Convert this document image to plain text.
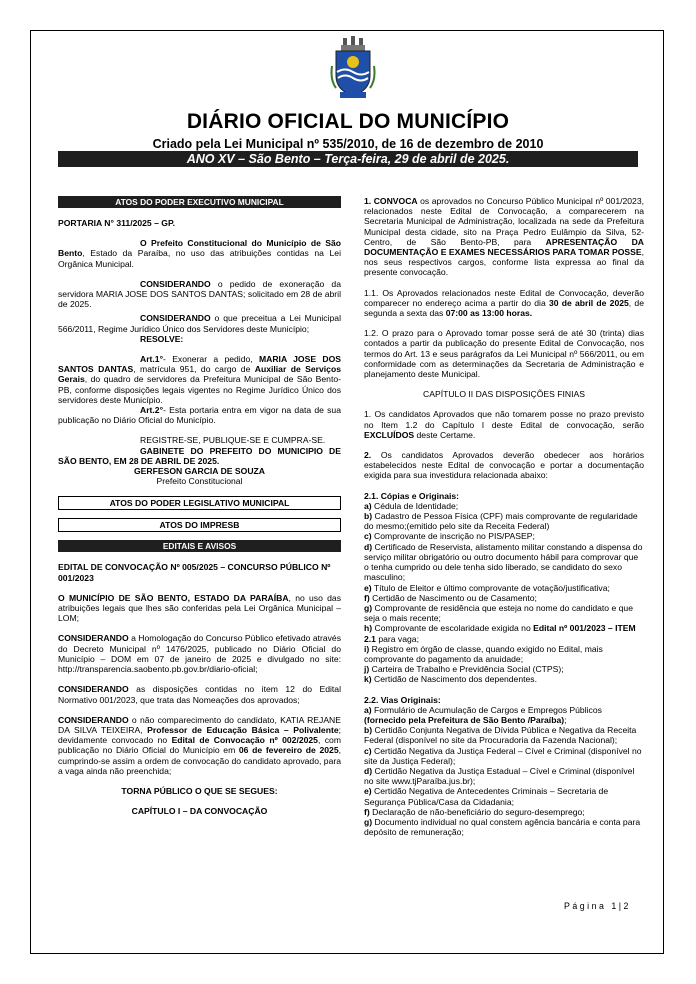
DIÁRIO OFICIAL DO MUNICÍPIO
Criado pela Lei Municipal nº 535/2010, de 16 de dezembro de 2010
ANO XV – São Bento – Terça-feira, 29 de abril de 2025.
ATOS DO PODER EXECUTIVO MUNICIPAL

PORTARIA N° 311/2025 – GP.

O Prefeito Constitucional do Município de São Bento, Estado da Paraíba, no uso das atribuições contidas na Lei Orgânica Municipal.

CONSIDERANDO o pedido de exoneração da servidora MARIA JOSE DOS SANTOS DANTAS; solicitado em 28 de abril de 2025.

CONSIDERANDO o que preceitua a Lei Municipal 566/2011, Regime Jurídico Único dos Servidores deste Município;

RESOLVE:

Art.1°- Exonerar a pedido, MARIA JOSE DOS SANTOS DANTAS, matrícula 951, do cargo de Auxiliar de Serviços Gerais, do quadro de servidores da Prefeitura Municipal de São Bento-PB, conforme disposições legais vigentes no Regime Jurídico Único dos servidores deste Município.

Art.2°- Esta portaria entra em vigor na data de sua publicação no Diário Oficial do Município.

REGISTRE-SE, PUBLIQUE-SE E CUMPRA-SE.

GABINETE DO PREFEITO DO MUNICIPIO DE SÃO BENTO, EM 28 DE ABRIL DE 2025.

GERFESON GARCIA DE SOUZA

Prefeito Constitucional

ATOS DO PODER LEGISLATIVO MUNICIPAL
ATOS DO IMPRESB
EDITAIS E AVISOS

EDITAL DE CONVOCAÇÃO Nº 005/2025 – CONCURSO PÚBLICO Nº 001/2023

O MUNICÍPIO DE SÃO BENTO, ESTADO DA PARAÍBA, no uso das atribuições legais que lhes são conferidas pela Lei Orgânica Municipal – LOM;

CONSIDERANDO a Homologação do Concurso Público efetivado através do Decreto Municipal nº 1476/2025, publicado no Diário Oficial do Município – DOM em 07 de janeiro de 2025 e divulgado no site: http://transparencia.saobento.pb.gov.br/diario-oficial;

CONSIDERANDO as disposições contidas no item 12 do Edital Normativo 001/2023, que trata das Nomeações dos aprovados;

CONSIDERANDO o não comparecimento do candidato, KATIA REJANE DA SILVA TEIXEIRA, Professor de Educação Básica – Polivalente; devidamente convocado no Edital de Convocação nº 002/2025, com publicação no Diário Oficial do Município em 06 de fevereiro de 2025, cumprindo-se assim a ordem de convocação do candidato aprovado, para a vaga ainda não preenchida;

TORNA PÚBLICO O QUE SE SEGUES:

CAPÍTULO I – DA CONVOCAÇÃO

1. CONVOCA os aprovados no Concurso Público Municipal nº 001/2023, relacionados neste Edital de Convocação, a comparecerem na Secretaria Municipal de Administração, localizada na sede da Prefeitura Municipal desta cidade, sito na Praça Pedro Eulâmpio da Silva, 52- Centro, de São Bento-PB, para APRESENTAÇÃO DA DOCUMENTAÇÃO E EXAMES NECESSÁRIOS PARA TOMAR POSSE, nos seus respectivos cargos, conforme lista expressa ao final da presente convocação.

1.1. Os Aprovados relacionados neste Edital de Convocação, deverão comparecer no endereço acima a partir do dia 30 de abril de 2025, de segunda a sexta das 07:00 as 13:00 horas.

1.2. O prazo para o Aprovado tomar posse será de até 30 (trinta) dias contados a partir da publicação do presente Edital de Convocação, nos termos do Art. 13 e seus parágrafos da Lei Municipal nº 566/2011, ou em conformidade com as determinações da Secretaria de Administração e planejamento deste Municipal.

CAPÍTULO II DAS DISPOSIÇÕES FINIAS

1. Os candidatos Aprovados que não tomarem posse no prazo previsto no Item 1.2 do Capítulo I deste Edital de convocação, serão EXCLUÍDOS deste Certame.

2. Os candidatos Aprovados deverão obedecer aos horários estabelecidos neste Edital de convocação e portar a documentação exigida para sua investidura relacionada abaixo:

2.1. Cópias e Originais:

a) Cédula de Identidade;

b) Cadastro de Pessoa Física (CPF) mais comprovante de regularidade do mesmo;(emitido pelo site da Receita Federal)

c) Comprovante de inscrição no PIS/PASEP;

d) Certificado de Reservista, alistamento militar constando a dispensa do serviço militar obrigatório ou outro documento hábil para comprovar que o tenha cumprido ou dele tenha sido liberado, se candidato do sexo masculino;

e) Título de Eleitor e último comprovante de votação/justificativa;

f) Certidão de Nascimento ou de Casamento;

g) Comprovante de residência que esteja no nome do candidato e que seja o mais recente;

h) Comprovante de escolaridade exigida no Edital nº 001/2023 – ITEM 2.1 para vaga;

i) Registro em órgão de classe, quando exigido no Edital, mais comprovante do pagamento da anuidade;

j) Carteira de Trabalho e Previdência Social (CTPS);

k) Certidão de Nascimento dos dependentes.

2.2. Vias Originais:

a) Formulário de Acumulação de Cargos e Empregos Públicos (fornecido pela Prefeitura de São Bento /Paraíba);

b) Certidão Conjunta Negativa de Dívida Pública e Negativa da Receita Federal (disponível no site da Procuradoria da Fazenda Nacional);

c) Certidão Negativa da Justiça Federal – Cível e Criminal (disponível no site da Justiça Federal);

d) Certidão Negativa da Justiça Estadual – Cível e Criminal (disponível no site www.tjParaíba.jus.br);

e) Certidão Negativa de Antecedentes Criminais – Secretaria de Segurança Pública/Casa da Cidadania;

f) Declaração de não-beneficiário do seguro-desemprego;

g) Documento individual no qual constem agência bancária e conta para depósito de remuneração;

Página 1|2
